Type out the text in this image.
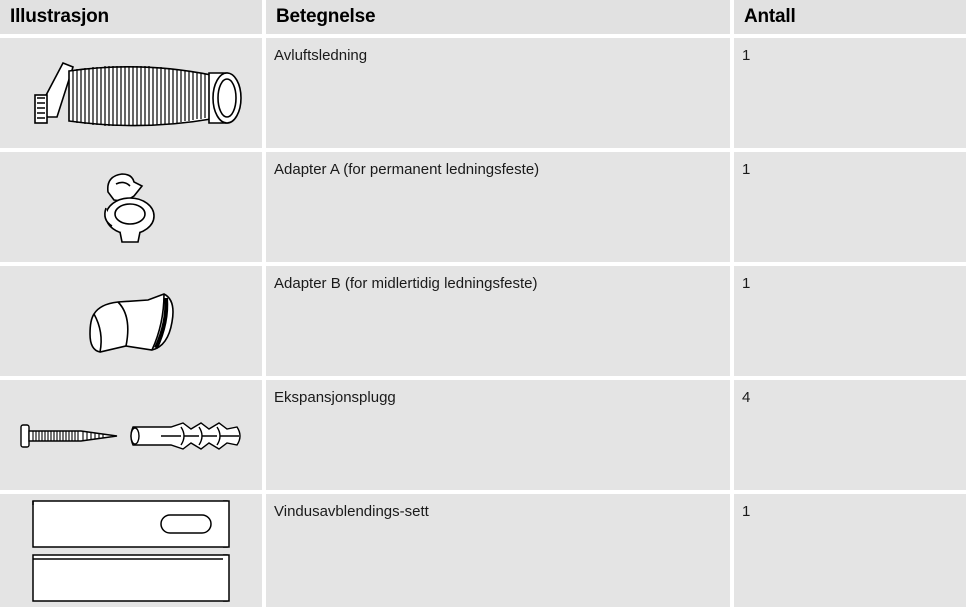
Illustrasjon	Betegnelse	Antall
Avluftsledning	1
Adapter A (for permanent ledningsfeste)	1
Adapter B (for midlertidig ledningsfeste)	1
Ekspansjonsplugg	4
Vindusavblendings-sett	1
